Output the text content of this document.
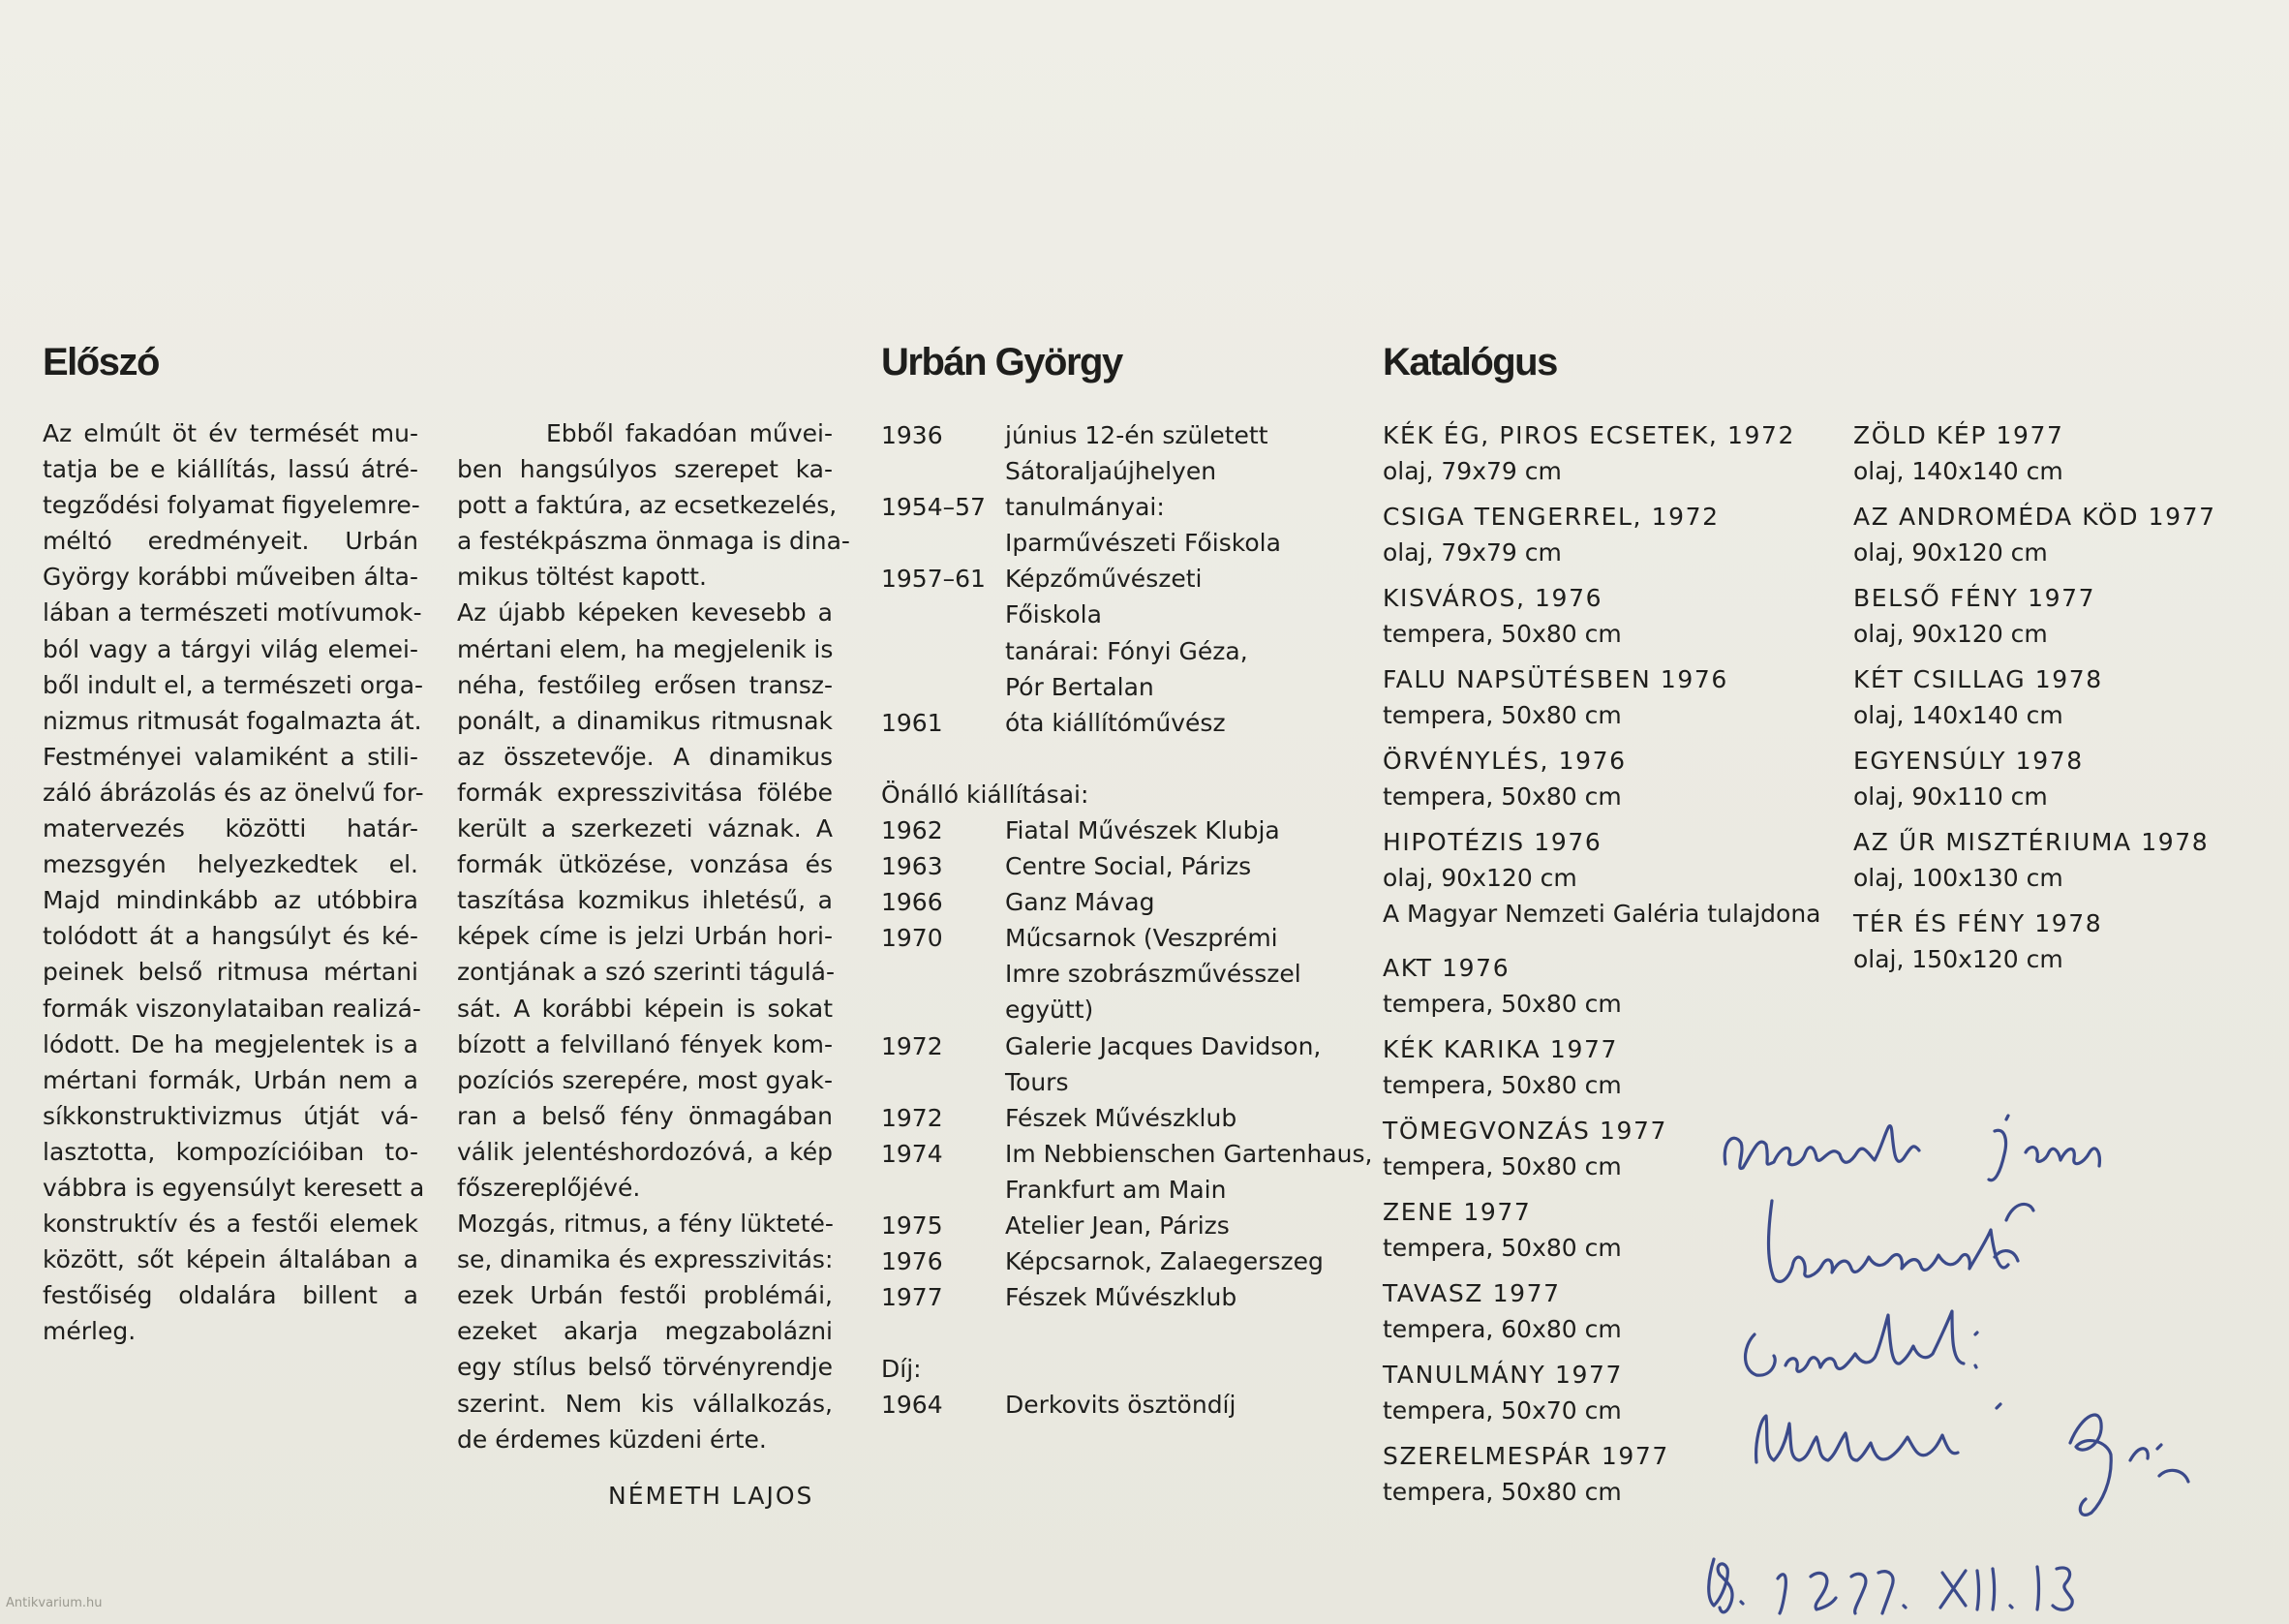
Előszó
Az elmúlt öt év termését mu-
tatja be e kiállítás, lassú átré-
tegződési folyamat figyelemre-
méltó eredményeit. Urbán
György korábbi műveiben álta-
lában a természeti motívumok-
ból vagy a tárgyi világ elemei-
ből indult el, a természeti orga-
nizmus ritmusát fogalmazta át.
Festményei valamiként a stili-
záló ábrázolás és az önelvű for-
matervezés közötti határ-
mezsgyén helyezkedtek el.
Majd mindinkább az utóbbira
tolódott át a hangsúlyt és ké-
peinek belső ritmusa mértani
formák viszonylataiban realizá-
lódott. De ha megjelentek is a
mértani formák, Urbán nem a
síkkonstruktivizmus útját vá-
lasztotta, kompozícióiban to-
vábbra is egyensúlyt keresett a
konstruktív és a festői elemek
között, sőt képein általában a
festőiség oldalára billent a
mérleg.
Ebből fakadóan művei-
ben hangsúlyos szerepet ka-
pott a faktúra, az ecsetkezelés,
a festékpászma önmaga is dina-
mikus töltést kapott.
Az újabb képeken kevesebb a
mértani elem, ha megjelenik is
néha, festőileg erősen transz-
ponált, a dinamikus ritmusnak
az összetevője. A dinamikus
formák expresszivitása fölébe
került a szerkezeti váznak. A
formák ütközése, vonzása és
taszítása kozmikus ihletésű, a
képek címe is jelzi Urbán hori-
zontjának a szó szerinti tágulá-
sát. A korábbi képein is sokat
bízott a felvillanó fények kom-
pozíciós szerepére, most gyak-
ran a belső fény önmagában
válik jelentéshordozóvá, a kép
főszereplőjévé.
Mozgás, ritmus, a fény lükteté-
se, dinamika és expresszivitás:
ezek Urbán festői problémái,
ezeket akarja megzabolázni
egy stílus belső törvényrendje
szerint. Nem kis vállalkozás,
de érdemes küzdeni érte.
NÉMETH LAJOS
Urbán György
1936	június 12-én született
Sátoraljaújhelyen
1954–57 tanulmányai:
Iparművészeti Főiskola
1957–61 Képzőművészeti
Főiskola
tanárai: Fónyi Géza,
Pór Bertalan
1961	óta kiállítóművész
Önálló kiállításai:
1962	Fiatal Művészek Klubja
1963	Centre Social, Párizs
1966	Ganz Mávag
1970	Műcsarnok (Veszprémi
Imre szobrászművésszel
együtt)
1972	Galerie Jacques Davidson,
Tours
1972	Fészek Művészklub
1974	Im Nebbienschen Gartenhaus,
Frankfurt am Main
1975	Atelier Jean, Párizs
1976	Képcsarnok, Zalaegerszeg
1977	Fészek Művészklub
Díj:
1964	Derkovits ösztöndíj
Katalógus
KÉK ÉG, PIROS ECSETEK, 1972
olaj, 79x79 cm
CSIGA TENGERREL, 1972
olaj, 79x79 cm
KISVÁROS, 1976
tempera, 50x80 cm
FALU NAPSÜTÉSBEN 1976
tempera, 50x80 cm
ÖRVÉNYLÉS, 1976
tempera, 50x80 cm
HIPOTÉZIS 1976
olaj, 90x120 cm
A Magyar Nemzeti Galéria tulajdona
AKT 1976
tempera, 50x80 cm
KÉK KARIKA 1977
tempera, 50x80 cm
TÖMEGVONZÁS 1977
tempera, 50x80 cm
ZENE 1977
tempera, 50x80 cm
TAVASZ 1977
tempera, 60x80 cm
TANULMÁNY 1977
tempera, 50x70 cm
SZERELMESPÁR 1977
tempera, 50x80 cm
ZÖLD KÉP 1977
olaj, 140x140 cm
AZ ANDROMÉDA KÖD 1977
olaj, 90x120 cm
BELSŐ FÉNY 1977
olaj, 90x120 cm
KÉT CSILLAG 1978
olaj, 140x140 cm
EGYENSÚLY 1978
olaj, 90x110 cm
AZ ŰR MISZTÉRIUMA 1978
olaj, 100x130 cm
TÉR ÉS FÉNY 1978
olaj, 150x120 cm
Antikvarium.hu
